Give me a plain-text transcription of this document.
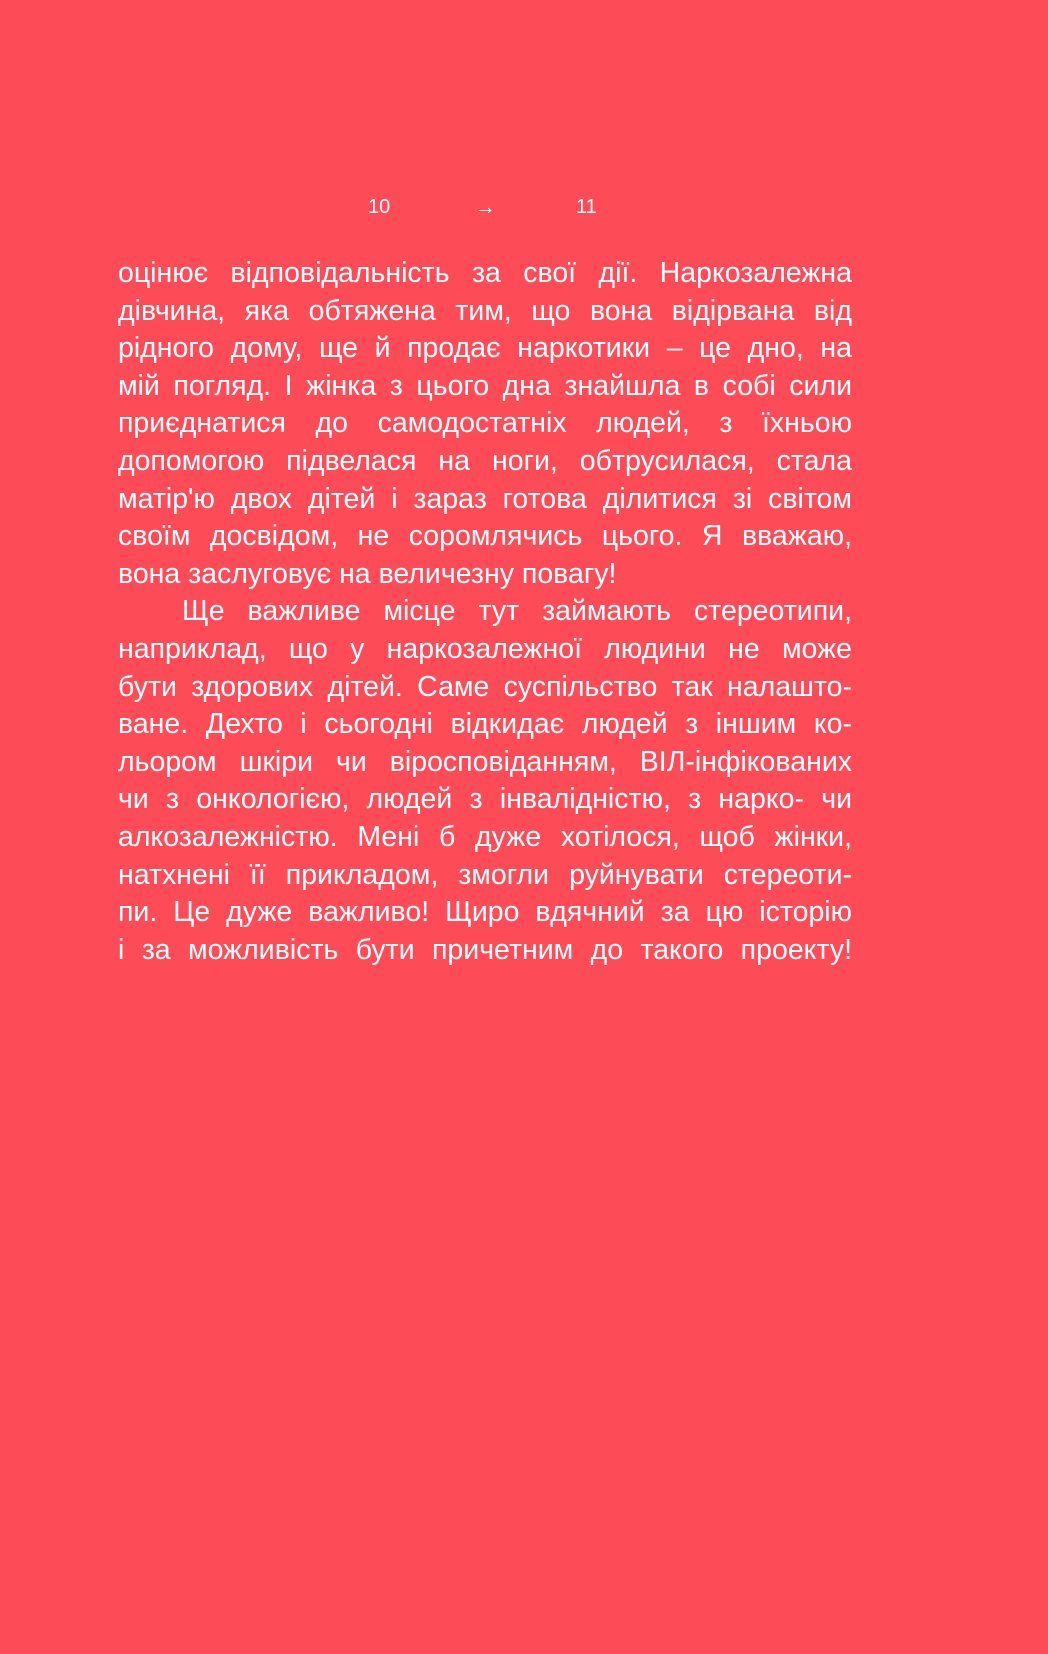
10	→	11
оцінює відповідальність за свої дії. Наркозалежна
дівчина, яка обтяжена тим, що вона відірвана від
рідного дому, ще й продає наркотики – це дно, на
мій погляд. І жінка з цього дна знайшла в собі сили
приєднатися до самодостатніх людей, з їхньою
допомогою підвелася на ноги, обтрусилася, стала
матір'ю двох дітей і зараз готова ділитися зі світом
своїм досвідом, не соромлячись цього. Я вважаю,
вона заслуговує на величезну повагу!
Ще важливе місце тут займають стереотипи,
наприклад, що у наркозалежної людини не може
бути здорових дітей. Саме суспільство так налашто-
ване. Дехто і сьогодні відкидає людей з іншим ко-
льором шкіри чи віросповіданням, ВІЛ-інфікованих
чи з онкологією, людей з інвалідністю, з нарко- чи
алкозалежністю. Мені б дуже хотілося, щоб жінки,
натхнені її прикладом, змогли руйнувати стереоти-
пи. Це дуже важливо! Щиро вдячний за цю історію
і за можливість бути причетним до такого проекту!
